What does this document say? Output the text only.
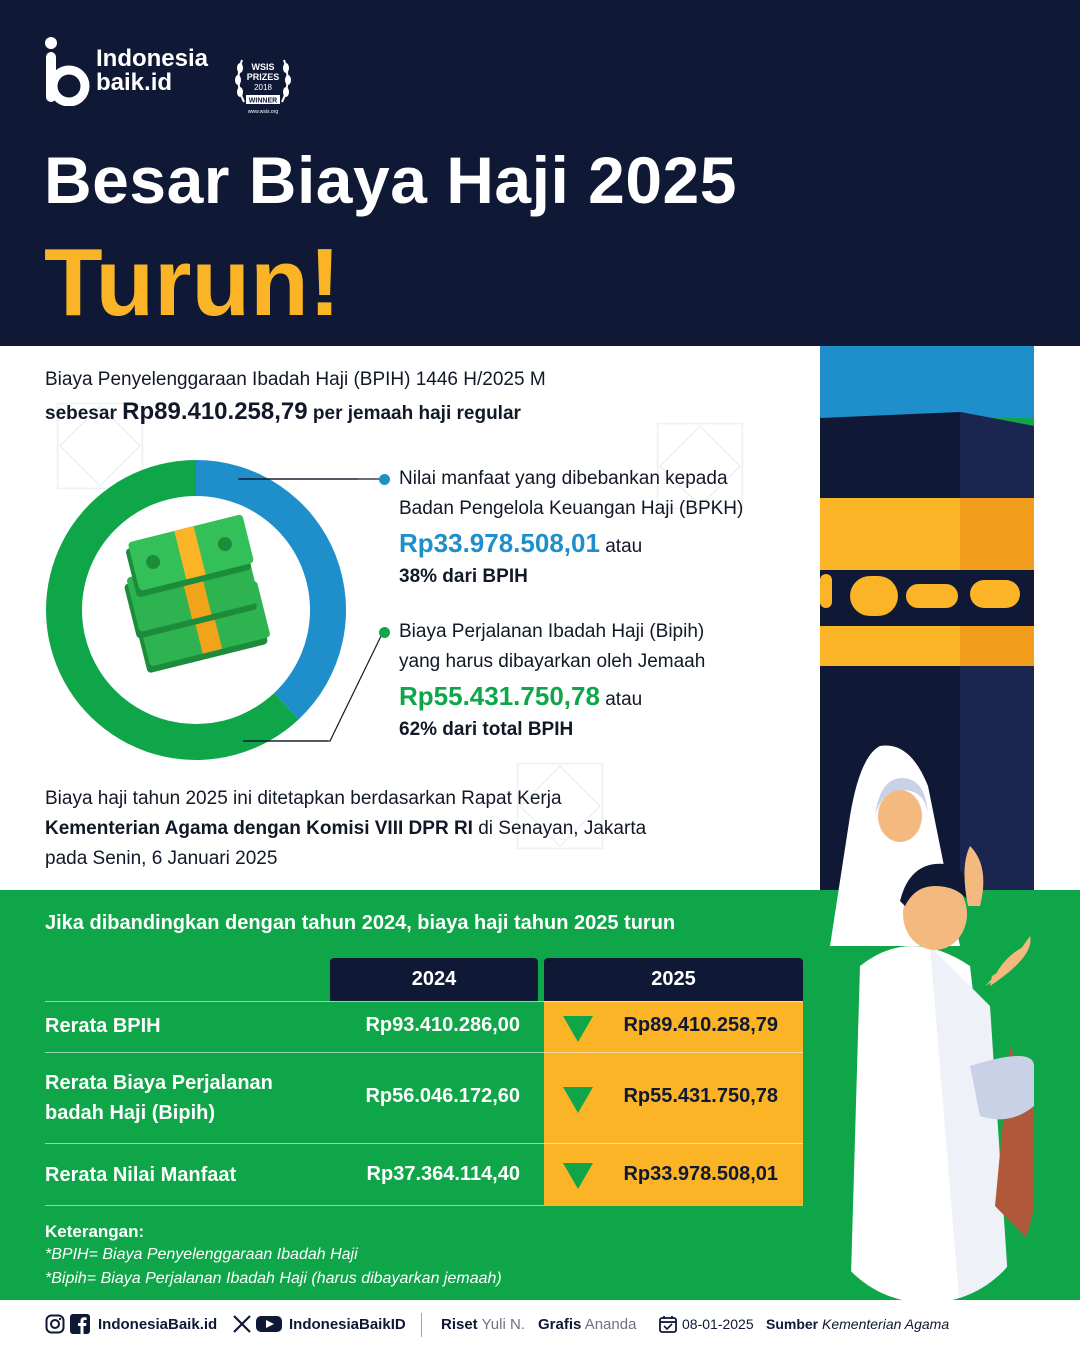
Indonesia
baik.id
WSIS
PRIZES
2018
WINNER
www.wsis.org
Besar Biaya Haji 2025
Turun!
Biaya Penyelenggaraan Ibadah Haji (BPIH) 1446 H/2025 M
sebesar Rp89.410.258,79 per jemaah haji regular
Nilai manfaat yang dibebankan kepada
Badan Pengelola Keuangan Haji (BPKH)
Rp33.978.508,01 atau
38% dari BPIH
Biaya Perjalanan Ibadah Haji (Bipih)
yang harus dibayarkan oleh Jemaah
Rp55.431.750,78 atau
62% dari total BPIH
Biaya haji tahun 2025 ini ditetapkan berdasarkan Rapat Kerja
Kementerian Agama dengan Komisi VIII DPR RI di Senayan, Jakarta
pada Senin, 6 Januari 2025
Jika dibandingkan dengan tahun 2024, biaya haji tahun 2025 turun
2024	2025
Rerata BPIH	Rp93.410.286,00	Rp89.410.258,79
Rerata Biaya Perjalanan
badah Haji (Bipih)
Rp56.046.172,60	Rp55.431.750,78
Rerata Nilai Manfaat	Rp37.364.114,40	Rp33.978.508,01
Keterangan:
*BPIH= Biaya Penyelenggaraan Ibadah Haji
*Bipih= Biaya Perjalanan Ibadah Haji (harus dibayarkan jemaah)
IndonesiaBaik.id	IndonesiaBaikID Riset Yuli N. Grafis Ananda	08-01-2025 Sumber Kementerian Agama
